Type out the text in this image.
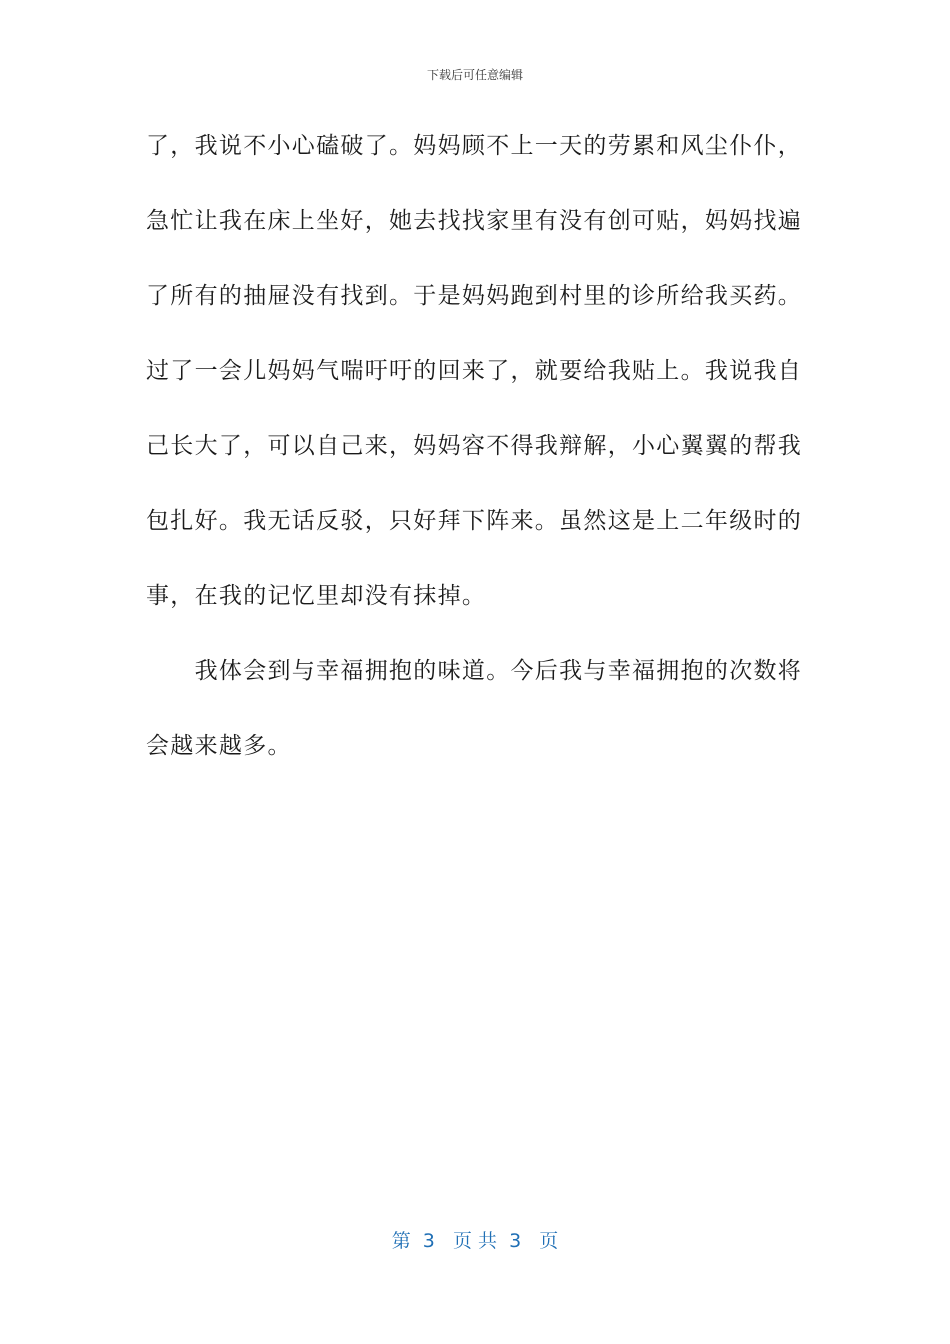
下载后可任意编辑
了，我说不小心磕破了。妈妈顾不上一天的劳累和风尘仆仆，
急忙让我在床上坐好，她去找找家里有没有创可贴，妈妈找遍
了所有的抽屉没有找到。于是妈妈跑到村里的诊所给我买药。
过了一会儿妈妈气喘吁吁的回来了，就要给我贴上。我说我自
己长大了，可以自己来，妈妈容不得我辩解，小心翼翼的帮我
包扎好。我无话反驳，只好拜下阵来。虽然这是上二年级时的
事，在我的记忆里却没有抹掉。
　　我体会到与幸福拥抱的味道。今后我与幸福拥抱的次数将
会越来越多。
第  3   页 共  3   页
